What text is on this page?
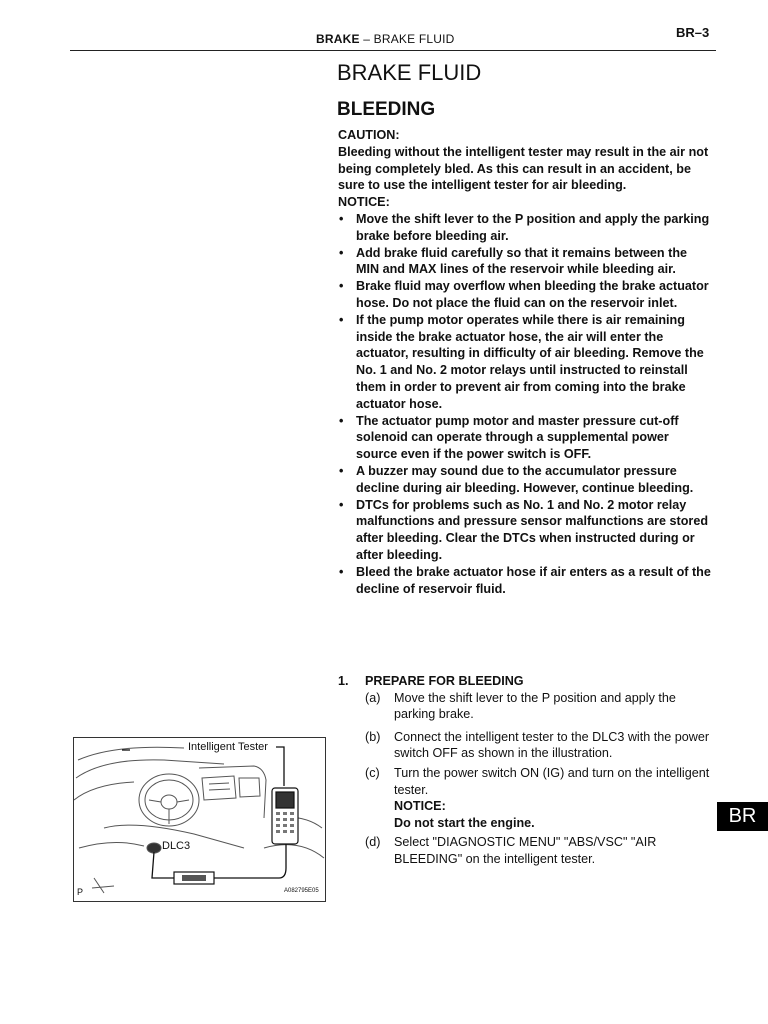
BRAKE – BRAKE FLUID	BR–3
BRAKE FLUID
BLEEDING

CAUTION:

Bleeding without the intelligent tester may result in the air not being completely bled. As this can result in an accident, be sure to use the intelligent tester for air bleeding.

NOTICE:

• Move the shift lever to the P position and apply the parking brake before bleeding air.
• Add brake fluid carefully so that it remains between the MIN and MAX lines of the reservoir while bleeding air.
• Brake fluid may overflow when bleeding the brake actuator hose. Do not place the fluid can on the reservoir inlet.
• If the pump motor operates while there is air remaining inside the brake actuator hose, the air will enter the actuator, resulting in difficulty of air bleeding. Remove the No. 1 and No. 2 motor relays until instructed to reinstall them in order to prevent air from coming into the brake actuator hose.
• The actuator pump motor and master pressure cut-off solenoid can operate through a supplemental power source even if the power switch is OFF.
• A buzzer may sound due to the accumulator pressure decline during air bleeding. However, continue bleeding.
• DTCs for problems such as No. 1 and No. 2 motor relay malfunctions and pressure sensor malfunctions are stored after bleeding. Clear the DTCs when instructed during or after bleeding.
• Bleed the brake actuator hose if air enters as a result of the decline of reservoir fluid.
1. PREPARE FOR BLEEDING
(a) Move the shift lever to the P position and apply the parking brake.
(b) Connect the intelligent tester to the DLC3 with the power switch OFF as shown in the illustration.
(c) Turn the power switch ON (IG) and turn on the intelligent tester.
NOTICE:
Do not start the engine.
(d) Select "DIAGNOSTIC MENU" "ABS/VSC" "AIR BLEEDING" on the intelligent tester.
Intelligent Tester
DLC3
P	A082795E05
BR
